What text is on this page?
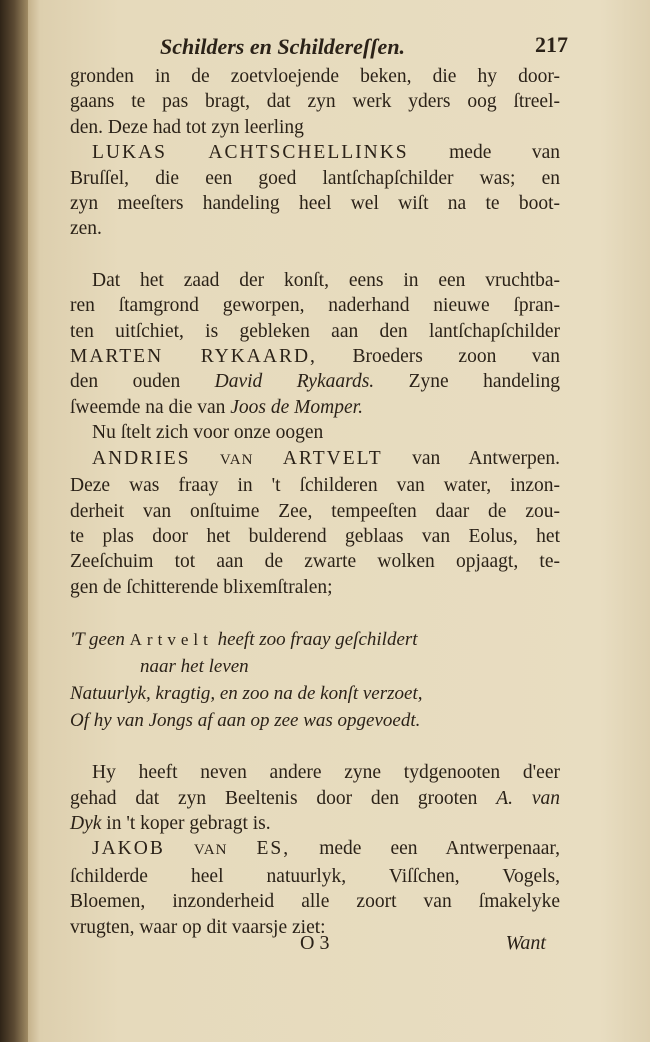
Schilders en Schildereſſen.	217

gronden in de zoetvloejende beken, die hy door-

gaans te pas bragt, dat zyn werk yders oog ſtreel-

den. Deze had tot zyn leerling

LUKAS ACHTSCHELLINKS mede van

Bruſſel, die een goed lantſchapſchilder was; en

zyn meeſters handeling heel wel wiſt na te boot-

zen.

Dat het zaad der konſt, eens in een vruchtba-

ren ſtamgrond geworpen, naderhand nieuwe ſpran-

ten uitſchiet, is gebleken aan den lantſchapſchilder

MARTEN RYKAARD, Broeders zoon van

den ouden David Rykaards. Zyne handeling

ſweemde na die van Joos de Momper.

Nu ſtelt zich voor onze oogen

ANDRIES VAN ARTVELT van Antwerpen.

Deze was fraay in 't ſchilderen van water, inzon-

derheit van onſtuime Zee, tempeeſten daar de zou-

te plas door het bulderend geblaas van Eolus, het

Zeeſchuim tot aan de zwarte wolken opjaagt, te-

gen de ſchitterende blixemſtralen;

'T geen Artvelt heeft zoo fraay geſchildert

naar het leven

Natuurlyk, kragtig, en zoo na de konſt verzoet,

Of hy van Jongs af aan op zee was opgevoedt.

Hy heeft neven andere zyne tydgenooten d'eer

gehad dat zyn Beeltenis door den grooten A. van

Dyk in 't koper gebragt is.

JAKOB VAN ES, mede een Antwerpenaar,

ſchilderde heel natuurlyk, Viſſchen, Vogels,

Bloemen, inzonderheid alle zoort van ſmakelyke

vrugten, waar op dit vaarsje ziet:

O 3	Want
